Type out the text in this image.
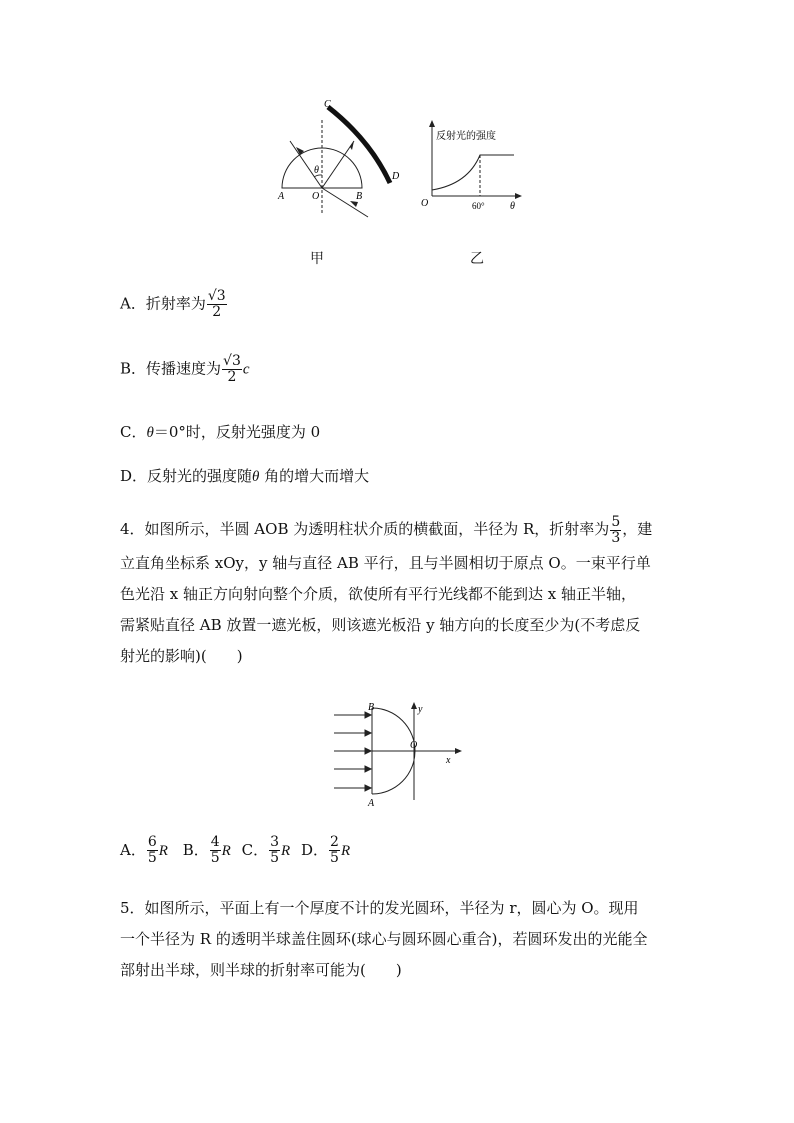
C
D
A	O	B
θ
甲
反射光的强度
O	60°	θ
乙
A．折射率为 $\frac{√3}{2}$
B．传播速度为 $\frac{√3}{2}$ c
C．θ＝0°时，反射光强度为 0
D．反射光的强度随θ 角的增大而增大
4．如图所示，半圆 AOB 为透明柱状介质的横截面，半径为 R，折射率为 $\frac{5}{3}$ ，建
立直角坐标系 xOy，y 轴与直径 AB 平行，且与半圆相切于原点 O。一束平行单
色光沿 x 轴正方向射向整个介质，欲使所有平行光线都不能到达 x 轴正半轴，
需紧贴直径 AB 放置一遮光板，则该遮光板沿 y 轴方向的长度至少为(不考虑反
射光的影响)(　　)
B	y
O
x
A
A． $\frac{6}{5}$ R B． $\frac{4}{5}$ R C． $\frac{3}{5}$ R D． $\frac{2}{5}$ R
5．如图所示，平面上有一个厚度不计的发光圆环，半径为 r，圆心为 O。现用
一个半径为 R 的透明半球盖住圆环(球心与圆环圆心重合)，若圆环发出的光能全
部射出半球，则半球的折射率可能为(　　)
